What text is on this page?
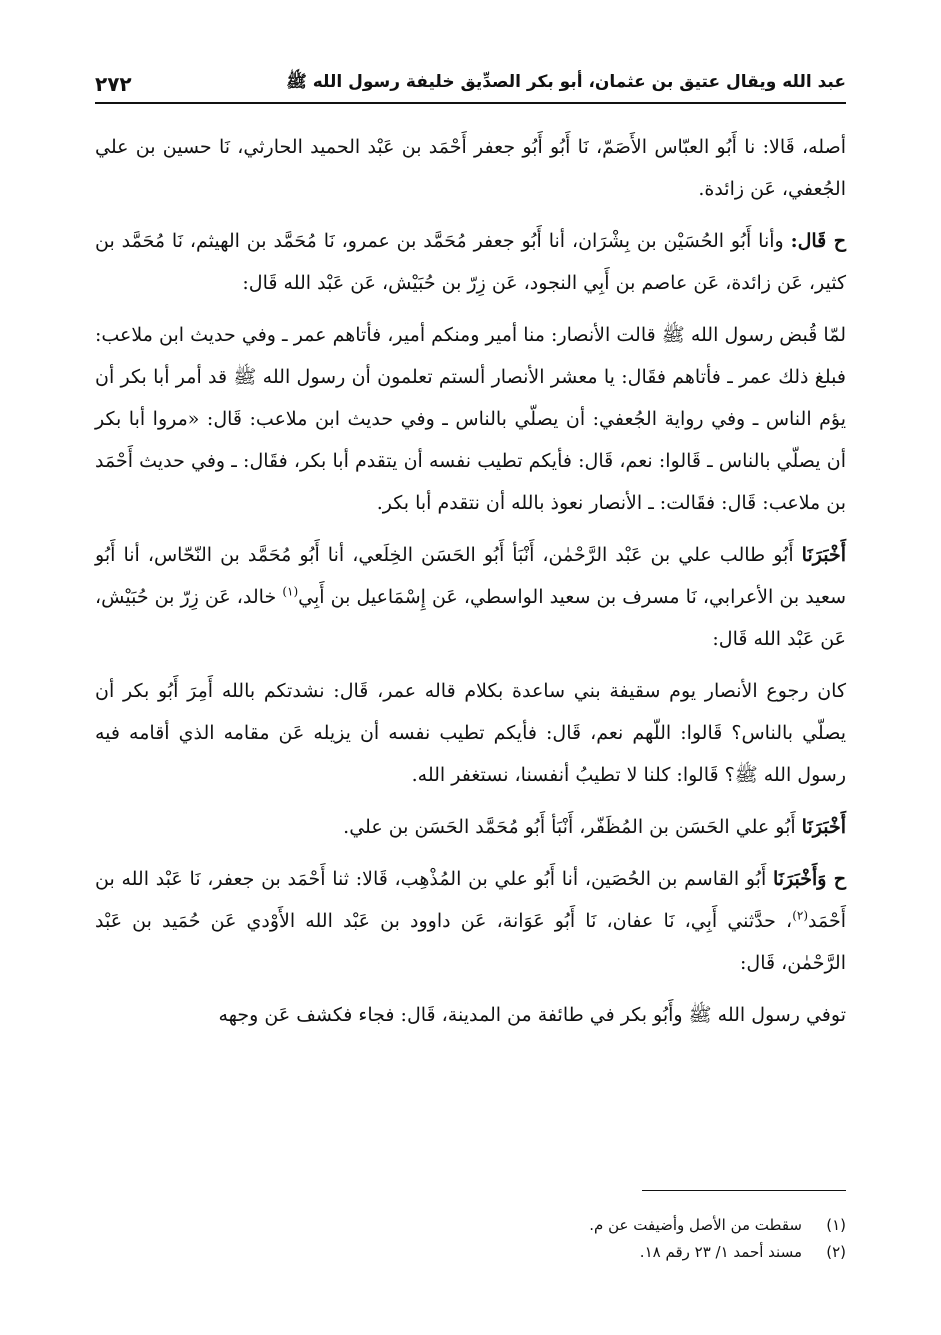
عبد الله ويقال عتيق بن عثمان، أبو بكر الصدِّيق خليفة رسول الله ﷺ
٢٧٢

أصله، قَالا: نا أَبُو العبّاس الأَصَمّ، نَا أَبُو أَبُو جعفر أَحْمَد بن عَبْد الحميد الحارثي، نَا حسين بن علي الجُعفي، عَن زائدة.

ح قَال: وأنا أَبُو الحُسَيْن بن بِشْرَان، أنا أَبُو جعفر مُحَمَّد بن عمرو، نَا مُحَمَّد بن الهيثم، نَا مُحَمَّد بن كثير، عَن زائدة، عَن عاصم بن أَبِي النجود، عَن زِرّ بن حُبَيْش، عَن عَبْد الله قَال:

لمّا قُبض رسول الله ﷺ قالت الأنصار: منا أمير ومنكم أمير، فأتاهم عمر ـ وفي حديث ابن ملاعب: فبلغ ذلك عمر ـ فأتاهم فقَال: يا معشر الأنصار ألستم تعلمون أن رسول الله ﷺ قد أمر أبا بكر أن يؤم الناس ـ وفي رواية الجُعفي: أن يصلّي بالناس ـ وفي حديث ابن ملاعب: قَال: «مروا أبا بكر أن يصلّي بالناس ـ قَالوا: نعم، قَال: فأيكم تطيب نفسه أن يتقدم أبا بكر، فقَال: ـ وفي حديث أَحْمَد بن ملاعب: قَال: فقَالت: ـ الأنصار نعوذ بالله أن نتقدم أبا بكر.

أَخْبَرَنَا أَبُو طالب علي بن عَبْد الرَّحْمٰن، أَنْبَأ أَبُو الحَسَن الخِلَعي، أنا أَبُو مُحَمَّد بن النّحّاس، أنا أَبُو سعيد بن الأعرابي، نَا مسرف بن سعيد الواسطي، عَن إِسْمَاعيل بن أَبِي$^{(١)}$ خالد، عَن زِرّ بن حُبَيْش، عَن عَبْد الله قَال:

كان رجوع الأنصار يوم سقيفة بني ساعدة بكلام قاله عمر، قَال: نشدتكم بالله أَمِرَ أَبُو بكر أن يصلّي بالناس؟ قَالوا: اللّهم نعم، قَال: فأيكم تطيب نفسه أن يزيله عَن مقامه الذي أقامه فيه رسول الله ﷺ؟ قَالوا: كلنا لا تطيبُ أنفسنا، نستغفر الله.

أَخْبَرَنَا أَبُو علي الحَسَن بن المُظَفّر، أَنْبَأ أَبُو مُحَمَّد الحَسَن بن علي.

ح وَأَخْبَرَنَا أَبُو القاسم بن الحُصَين، أنا أَبُو علي بن المُذْهِب، قَالا: ثنا أَحْمَد بن جعفر، نَا عَبْد الله بن أَحْمَد$^{(٢)}$، حدَّثني أَبِي، نَا عفان، نَا أَبُو عَوَانة، عَن داوود بن عَبْد الله الأَوْدي عَن حُمَيد بن عَبْد الرَّحْمٰن، قَال:

توفي رسول الله ﷺ وأَبُو بكر في طائفة من المدينة، قَال: فجاء فكشف عَن وجهه

(١)
سقطت من الأصل وأضيفت عن م.
(٢)
مسند أحمد ١/ ٢٣ رقم ١٨.
